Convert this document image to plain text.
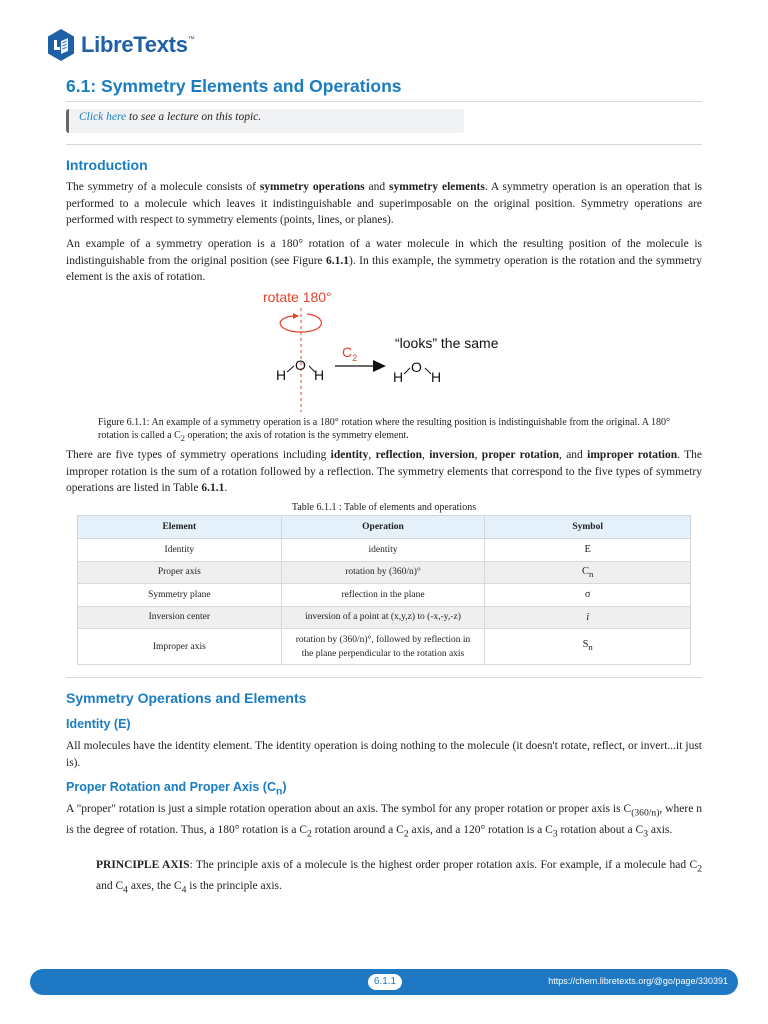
LibreTexts ™
6.1: Symmetry Elements and Operations
Click here to see a lecture on this topic.
Introduction

The symmetry of a molecule consists of symmetry operations and symmetry elements. A symmetry operation is an operation that is performed to a molecule which leaves it indistinguishable and superimposable on the original position. Symmetry operations are performed with respect to symmetry elements (points, lines, or planes).

An example of a symmetry operation is a 180° rotation of a water molecule in which the resulting position of the molecule is indistinguishable from the original position (see Figure 6.1.1). In this example, the symmetry operation is the rotation and the symmetry element is the axis of rotation.

rotate 180°
O
H H
$C_2$
“looks” the same
O
H H

Figure 6.1.1: An example of a symmetry operation is a 180° rotation where the resulting position is indistinguishable from the original. A 180° rotation is called a $C_2$ operation; the axis of rotation is the symmetry element.

There are five types of symmetry operations including identity, reflection, inversion, proper rotation, and improper rotation. The improper rotation is the sum of a rotation followed by a reflection. The symmetry elements that correspond to the five types of symmetry operations are listed in Table 6.1.1.

Table 6.1.1 : Table of elements and operations
Element	Operation	Symbol
Identity	identity	E
Proper axis	rotation by (360/n)°	$C_n$
Symmetry plane	reflection in the plane	σ
Inversion center	inversion of a point at (x,y,z) to (-x,-y,-z)	i
Improper axis	rotation by (360/n)°, followed by reflection in
the plane perpendicular to the rotation axis	$S_n$
Symmetry Operations and Elements
Identity (E)

All molecules have the identity element. The identity operation is doing nothing to the molecule (it doesn't rotate, reflect, or invert...it just is).

Proper Rotation and Proper Axis $(C_n)$

A "proper" rotation is just a simple rotation operation about an axis. The symbol for any proper rotation or proper axis is $C_{(360/n)}$, where n is the degree of rotation. Thus, a 180° rotation is a $C_2$ rotation around a $C_2$ axis, and a 120° rotation is a $C_3$ rotation about a $C_3$ axis.

PRINCIPLE AXIS: The principle axis of a molecule is the highest order proper rotation axis. For example, if a molecule had $C_2$ and $C_4$ axes, the $C_4$ is the principle axis.

6.1.1	https://chem.libretexts.org/@go/page/330391
